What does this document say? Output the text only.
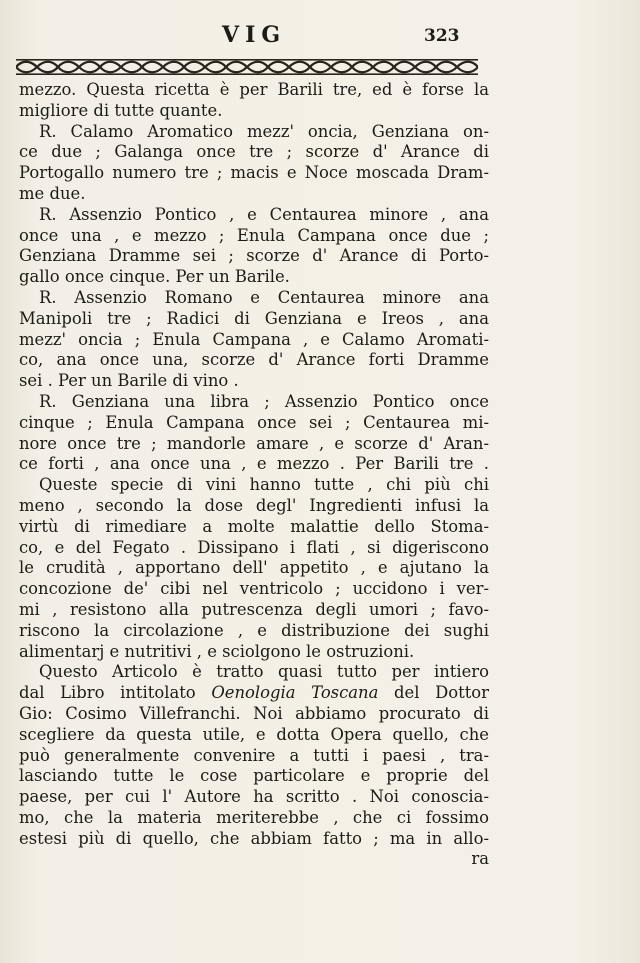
VIG	323
mezzo. Questa ricetta è per Barili tre, ed è forse la
migliore di tutte quante.
R. Calamo Aromatico mezz' oncia, Genziana on-
ce due ; Galanga once tre ; scorze d' Arance di
Portogallo numero tre ; macis e Noce moscada Dram-
me due.
R. Assenzio Pontico , e Centaurea minore , ana
once una , e mezzo ; Enula Campana once due ;
Genziana Dramme sei ; scorze d' Arance di Porto-
gallo once cinque. Per un Barile.
R. Assenzio Romano e Centaurea minore ana
Manipoli tre ; Radici di Genziana e Ireos , ana
mezz' oncia ; Enula Campana , e Calamo Aromati-
co, ana once una, scorze d' Arance forti Dramme
sei . Per un Barile di vino .
R. Genziana una libra ; Assenzio Pontico once
cinque ; Enula Campana once sei ; Centaurea mi-
nore once tre ; mandorle amare , e scorze d' Aran-
ce forti , ana once una , e mezzo . Per Barili tre .
Queste specie di vini hanno tutte , chi più chi
meno , secondo la dose degl' Ingredienti infusi la
virtù di rimediare a molte malattie dello Stoma-
co, e del Fegato . Dissipano i flati , si digeriscono
le crudità , apportano dell' appetito , e ajutano la
concozione de' cibi nel ventricolo ; uccidono i ver-
mi , resistono alla putrescenza degli umori ; favo-
riscono la circolazione , e distribuzione dei sughi
alimentarj e nutritivi , e sciolgono le ostruzioni.
Questo Articolo è tratto quasi tutto per intiero
dal Libro intitolato Oenologia Toscana del Dottor
Gio: Cosimo Villefranchi. Noi abbiamo procurato di
scegliere da questa utile, e dotta Opera quello, che
può generalmente convenire a tutti i paesi , tra-
lasciando tutte le cose particolare e proprie del
paese, per cui l' Autore ha scritto . Noi conoscia-
mo, che la materia meriterebbe , che ci fossimo
estesi più di quello, che abbiam fatto ; ma in allo-
ra
